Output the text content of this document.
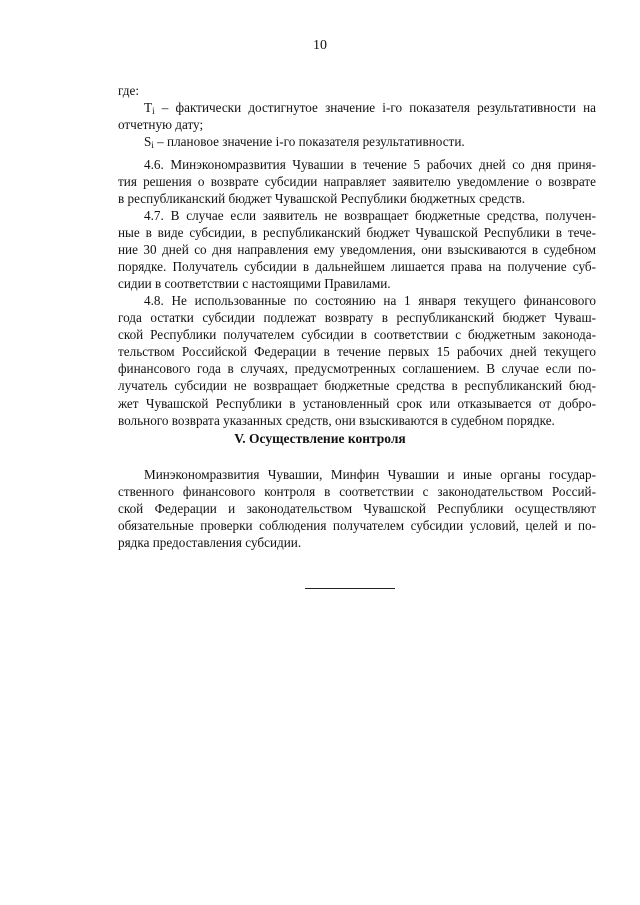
10
где:
$T_i$ – фактически достигнутое значение i-го показателя результативности на
отчетную дату;
$S_i$ – плановое значение i-го показателя результативности.
4.6. Минэкономразвития Чувашии в течение 5 рабочих дней со дня приня-
тия решения о возврате субсидии направляет заявителю уведомление о возврате
в республиканский бюджет Чувашской Республики бюджетных средств.
4.7. В случае если заявитель не возвращает бюджетные средства, получен-
ные в виде субсидии, в республиканский бюджет Чувашской Республики в тече-
ние 30 дней со дня направления ему уведомления, они взыскиваются в судебном
порядке. Получатель субсидии в дальнейшем лишается права на получение суб-
сидии в соответствии с настоящими Правилами.
4.8. Не использованные по состоянию на 1 января текущего финансового
года остатки субсидии подлежат возврату в республиканский бюджет Чуваш-
ской Республики получателем субсидии в соответствии с бюджетным законода-
тельством Российской Федерации в течение первых 15 рабочих дней текущего
финансового года в случаях, предусмотренных соглашением. В случае если по-
лучатель субсидии не возвращает бюджетные средства в республиканский бюд-
жет Чувашской Республики в установленный срок или отказывается от добро-
вольного возврата указанных средств, они взыскиваются в судебном порядке.
V. Осуществление контроля
Минэкономразвития Чувашии, Минфин Чувашии и иные органы государ-
ственного финансового контроля в соответствии с законодательством Россий-
ской Федерации и законодательством Чувашской Республики осуществляют
обязательные проверки соблюдения получателем субсидии условий, целей и по-
рядка предоставления субсидии.
